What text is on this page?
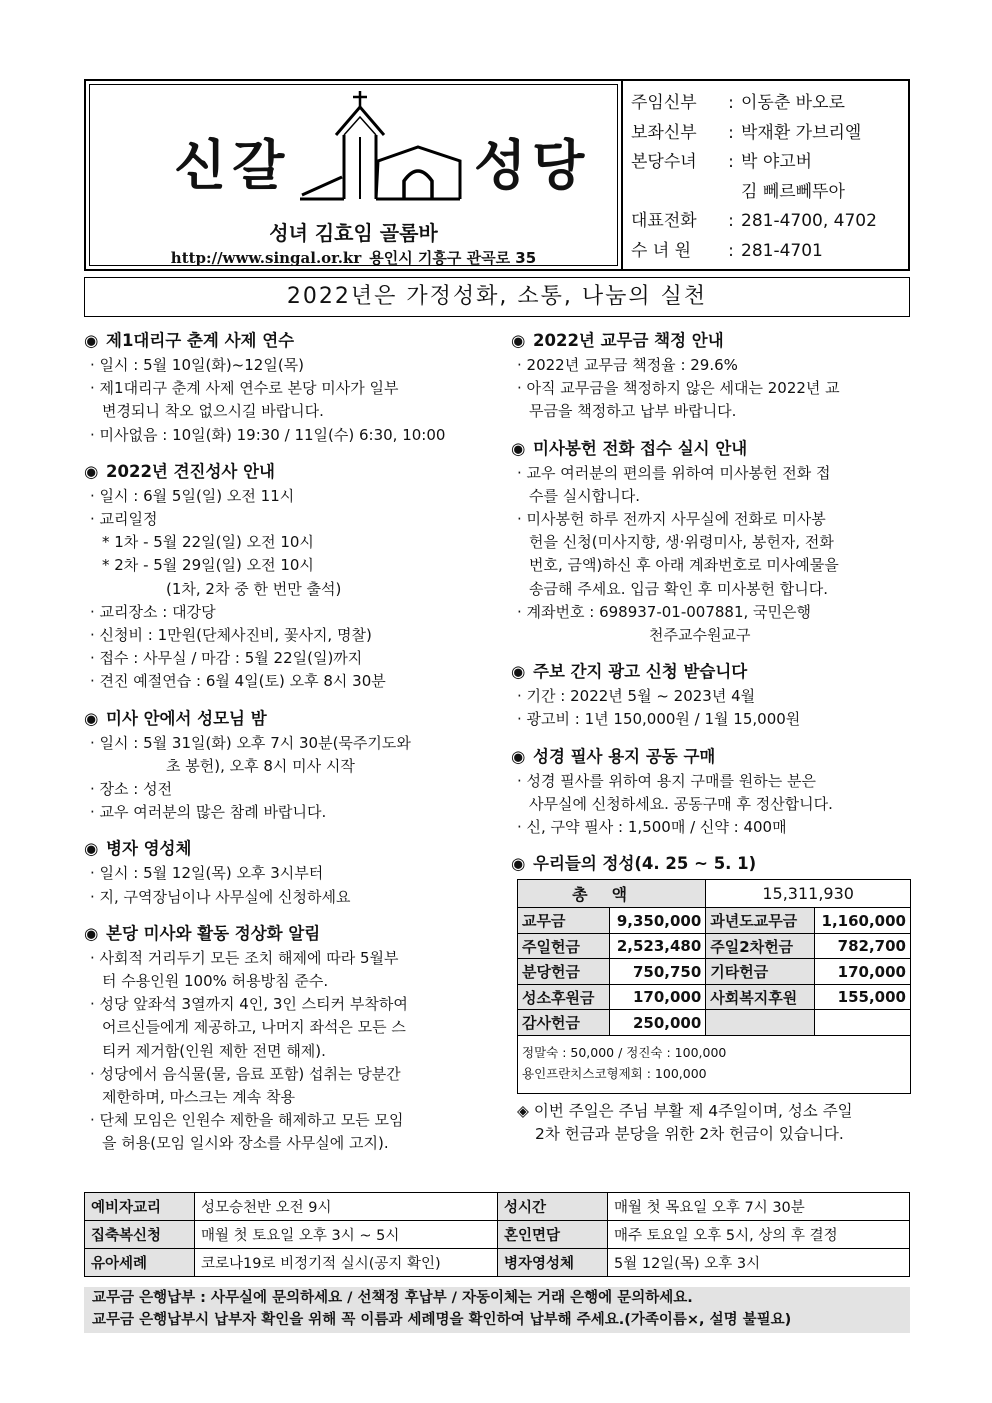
신갈	성당
성녀 김효임 골롬바
http://www.singal.or.kr 용인시 기흥구 관곡로 35
주임신부 : 이동춘 바오로
보좌신부 : 박재환 가브리엘
본당수녀 : 박 야고버
김 뻬르뻬뚜아
대표전화 : 281-4700, 4702
수 녀 원 : 281-4701
2022년은 가정성화, 소통, 나눔의 실천
◉ 제1대리구 춘계 사제 연수
· 일시 : 5월 10일(화)~12일(목)
· 제1대리구 춘계 사제 연수로 본당 미사가 일부
변경되니 착오 없으시길 바랍니다.
· 미사없음 : 10일(화) 19:30 / 11일(수) 6:30, 10:00
◉ 2022년 견진성사 안내
· 일시 : 6월 5일(일) 오전 11시
· 교리일정
* 1차 - 5월 22일(일) 오전 10시
* 2차 - 5월 29일(일) 오전 10시
(1차, 2차 중 한 번만 출석)
· 교리장소 : 대강당
· 신청비 : 1만원(단체사진비, 꽃사지, 명찰)
· 접수 : 사무실 / 마감 : 5월 22일(일)까지
· 견진 예절연습 : 6월 4일(토) 오후 8시 30분
◉ 미사 안에서 성모님 밤
· 일시 : 5월 31일(화) 오후 7시 30분(묵주기도와
초 봉헌), 오후 8시 미사 시작
· 장소 : 성전
· 교우 여러분의 많은 참례 바랍니다.
◉ 병자 영성체
· 일시 : 5월 12일(목) 오후 3시부터
· 지, 구역장님이나 사무실에 신청하세요
◉ 본당 미사와 활동 정상화 알림
· 사회적 거리두기 모든 조치 해제에 따라 5월부
터 수용인원 100% 허용방침 준수.
· 성당 앞좌석 3열까지 4인, 3인 스티커 부착하여
어르신들에게 제공하고, 나머지 좌석은 모든 스
티커 제거함(인원 제한 전면 해제).
· 성당에서 음식물(물, 음료 포함) 섭취는 당분간
제한하며, 마스크는 계속 착용
· 단체 모임은 인원수 제한을 해제하고 모든 모임
을 허용(모임 일시와 장소를 사무실에 고지).
◉ 2022년 교무금 책정 안내
· 2022년 교무금 책정율 : 29.6%
· 아직 교무금을 책정하지 않은 세대는 2022년 교
무금을 책정하고 납부 바랍니다.
◉ 미사봉헌 전화 접수 실시 안내
· 교우 여러분의 편의를 위하여 미사봉헌 전화 접
수를 실시합니다.
· 미사봉헌 하루 전까지 사무실에 전화로 미사봉
헌을 신청(미사지향, 생·위령미사, 봉헌자, 전화
번호, 금액)하신 후 아래 계좌번호로 미사예물을
송금해 주세요. 입금 확인 후 미사봉헌 합니다.
· 계좌번호 : 698937-01-007881, 국민은행
천주교수원교구
◉ 주보 간지 광고 신청 받습니다
· 기간 : 2022년 5월 ~ 2023년 4월
· 광고비 : 1년 150,000원 / 1월 15,000원
◉ 성경 필사 용지 공동 구매
· 성경 필사를 위하여 용지 구매를 원하는 분은
사무실에 신청하세요. 공동구매 후 정산합니다.
· 신, 구약 필사 : 1,500매 / 신약 : 400매
◉ 우리들의 정성(4. 25 ~ 5. 1)
총액		15,311,930	
교무금	9,350,000	과년도교무금	1,160,000
주일헌금	2,523,480	주일2차헌금	782,700
분당헌금	750,750	기타헌금	170,000
성소후원금	170,000	사회복지후원	155,000
감사헌금	250,000		

정말숙 : 50,000 / 정진숙 : 100,000
용인프란치스코형제회 : 100,000			
◈ 이번 주일은 주님 부활 제 4주일이며, 성소 주일
2차 헌금과 분당을 위한 2차 헌금이 있습니다.
예비자교리	성모승천반 오전 9시	성시간	매월 첫 목요일 오후 7시 30분
집축복신청	매월 첫 토요일 오후 3시 ~ 5시	혼인면담	매주 토요일 오후 5시, 상의 후 결정
유아세례	코로나19로 비정기적 실시(공지 확인)	병자영성체	5월 12일(목) 오후 3시
교무금 은행납부 : 사무실에 문의하세요 / 선책정 후납부 / 자동이체는 거래 은행에 문의하세요.
교무금 은행납부시 납부자 확인을 위해 꼭 이름과 세례명을 확인하여 납부해 주세요.(가족이름×, 설명 불필요)
